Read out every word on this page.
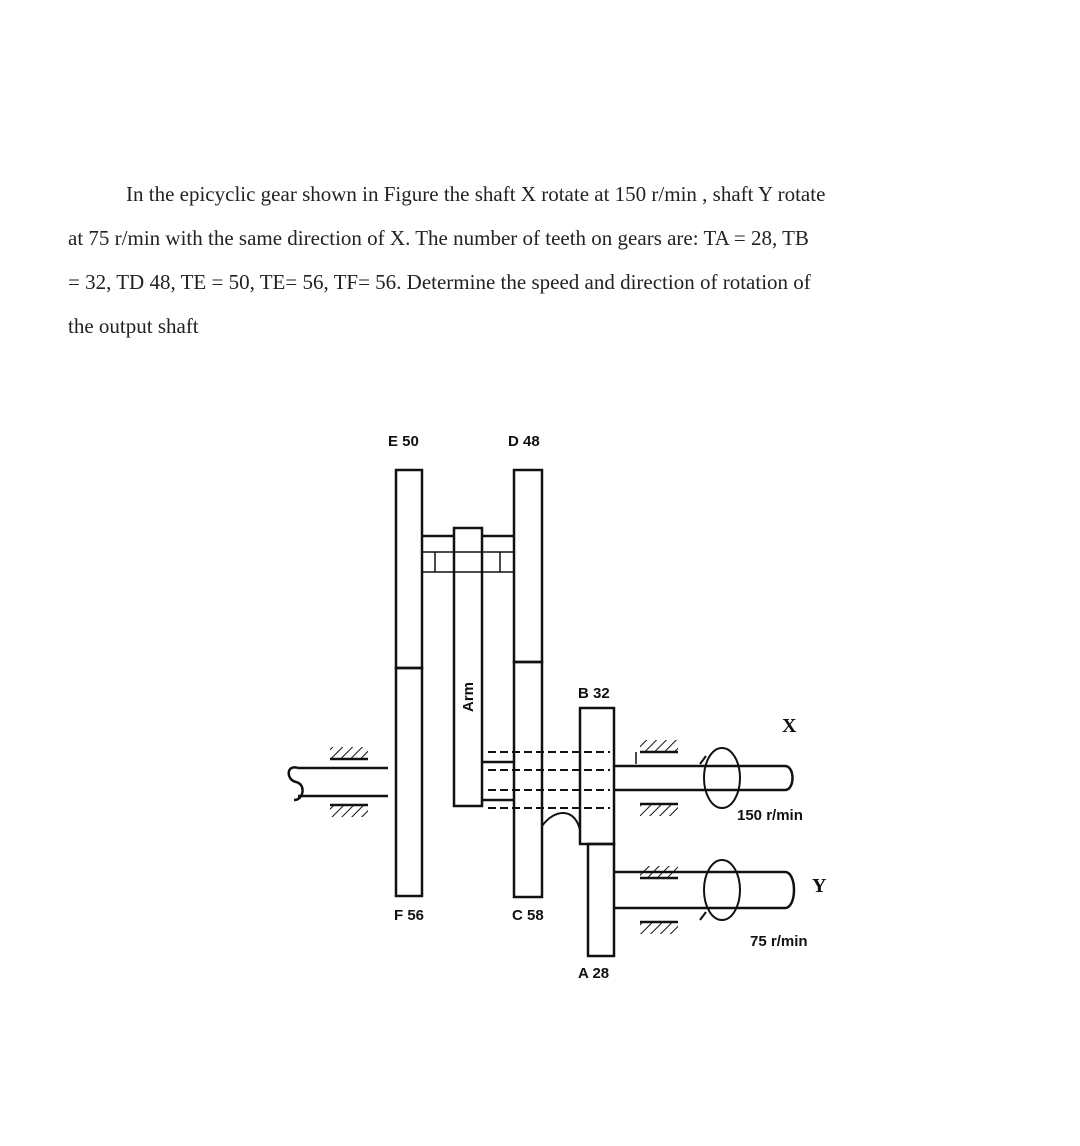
In the epicyclic gear shown in Figure the shaft X rotate at 150 r/min , shaft Y rotate
at 75 r/min with the same direction of X. The number of teeth on gears are: TA = 28, TB
= 32, TD 48, TE = 50, TE= 56, TF= 56. Determine the speed and direction of rotation of
the output shaft
E 50	D 48
B 32
F 56	C 58
A 28
Arm
X
150 r/min
Y
75 r/min
